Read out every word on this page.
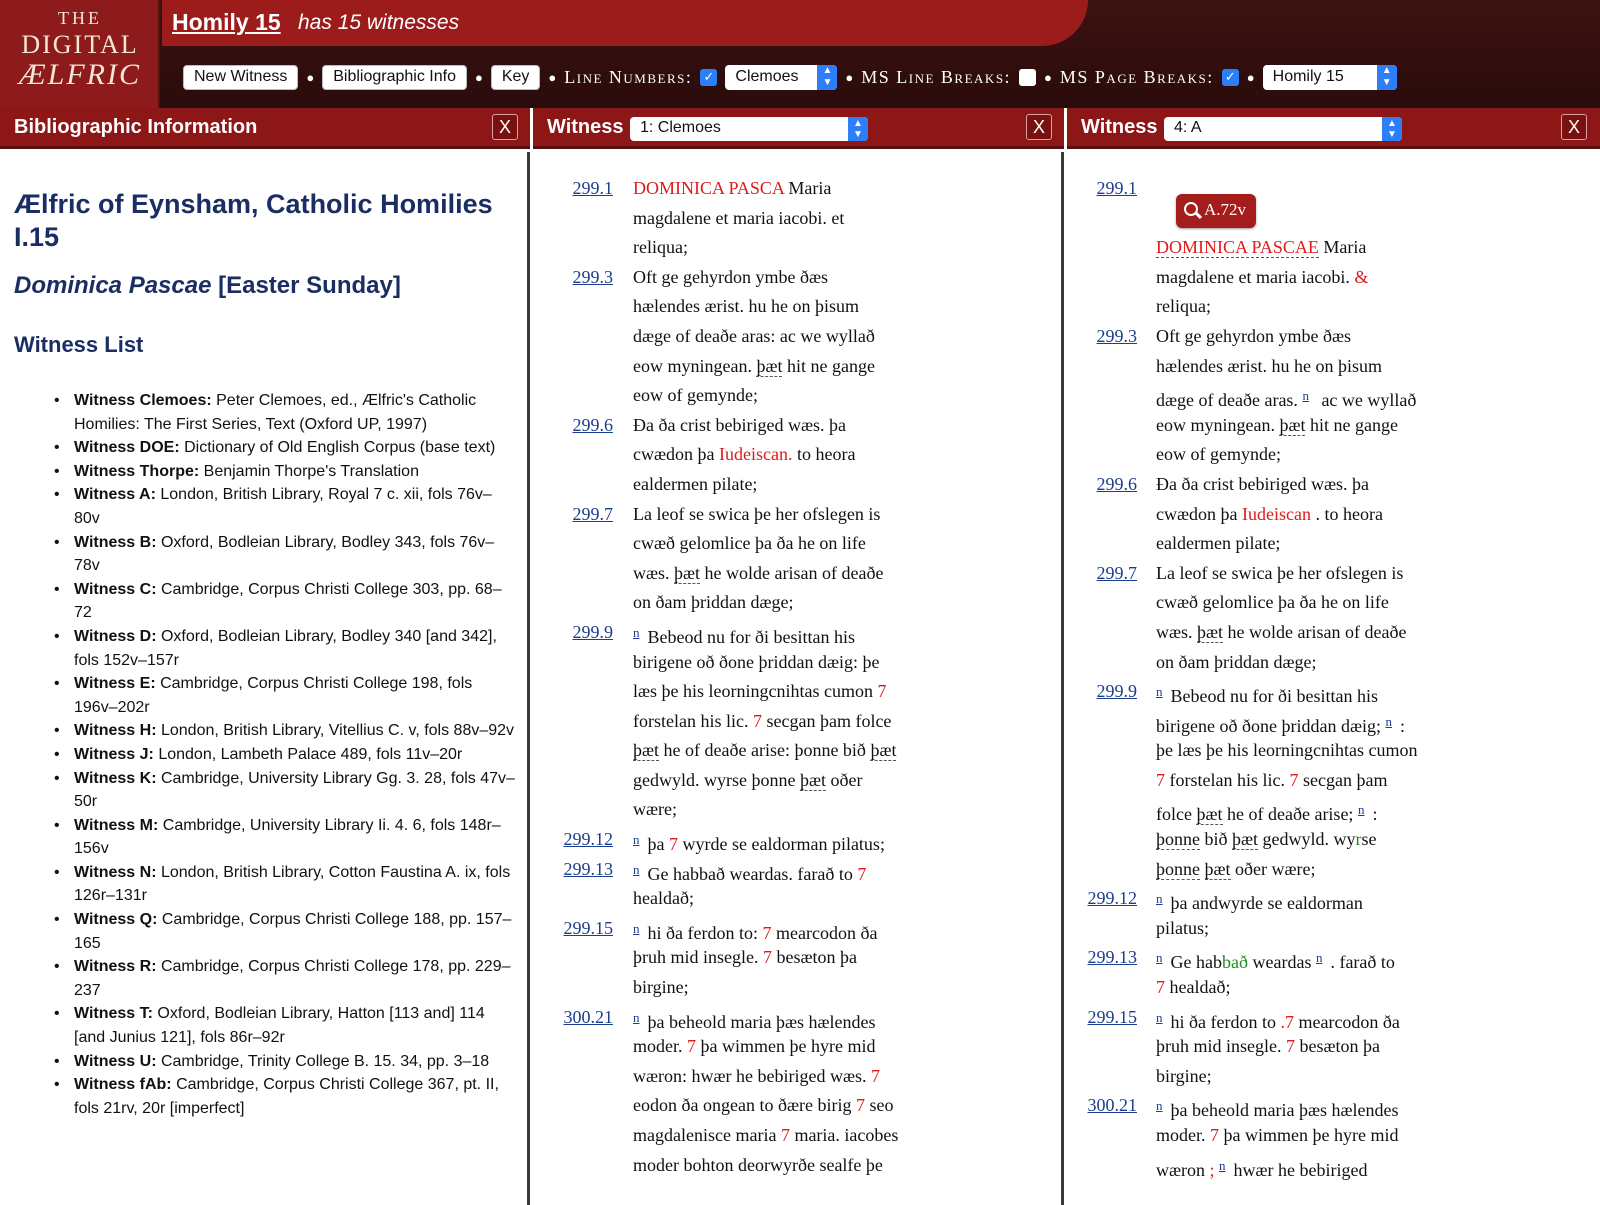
THE
DIGITAL
ÆLFRIC
Homily 15 has 15 witnesses
New Witness	●	Bibliographic Info	●	Key	● Line Numbers: ✓ Clemoes	▲
▼	● MS Line Breaks:	● MS Page Breaks: ✓ ● Homily 15	▲
▼
Bibliographic Information	X	Witness	1: Clemoes	▲
▼	X	Witness	4: A	▲
▼	X
Ælfric of Eynsham, Catholic Homilies I.15
Dominica Pascae [Easter Sunday]
Witness List
• Witness Clemoes: Peter Clemoes, ed., Ælfric's Catholic Homilies: The First Series, Text (Oxford UP, 1997)
• Witness DOE: Dictionary of Old English Corpus (base text)
• Witness Thorpe: Benjamin Thorpe's Translation
• Witness A: London, British Library, Royal 7 c. xii, fols 76v–80v
• Witness B: Oxford, Bodleian Library, Bodley 343, fols 76v–78v
• Witness C: Cambridge, Corpus Christi College 303, pp. 68–72
• Witness D: Oxford, Bodleian Library, Bodley 340 [and 342], fols 152v–157r
• Witness E: Cambridge, Corpus Christi College 198, fols 196v–202r
• Witness H: London, British Library, Vitellius C. v, fols 88v–92v
• Witness J: London, Lambeth Palace 489, fols 11v–20r
• Witness K: Cambridge, University Library Gg. 3. 28, fols 47v–50r
• Witness M: Cambridge, University Library Ii. 4. 6, fols 148r–156v
• Witness N: London, British Library, Cotton Faustina A. ix, fols 126r–131r
• Witness Q: Cambridge, Corpus Christi College 188, pp. 157–165
• Witness R: Cambridge, Corpus Christi College 178, pp. 229–237
• Witness T: Oxford, Bodleian Library, Hatton [113 and] 114 [and Junius 121], fols 86r–92r
• Witness U: Cambridge, Trinity College B. 15. 34, pp. 3–18
• Witness fAb: Cambridge, Corpus Christi College 367, pt. II, fols 21rv, 20r [imperfect]
299.1 DOMINICA PASCA Maria
magdalene et maria iacobi. et
reliqua;
299.3 Oft ge gehyrdon ymbe ðæs
hælendes ærist. hu he on þisum
dæge of deaðe aras: ac we wyllað
eow myningean. þæt hit ne gange
eow of gemynde;
299.6 Ða ða crist bebiriged wæs. þa
cwædon þa Iudeiscan. to heora
ealdermen pilate;
299.7 La leof se swica þe her ofslegen is
cwæð gelomlice þa ða he on life
wæs. þæt he wolde arisan of deaðe
on ðam þriddan dæge;
299.9 $^n$ Bebeod nu for ði besittan his
birigene oð ðone þriddan dæig: þe
læs þe his leorningcnihtas cumon 7
forstelan his lic. 7 secgan þam folce
þæt he of deaðe arise: þonne bið þæt
gedwyld. wyrse þonne þæt oðer
wære;
299.12 $^n$ þa 7 wyrde se ealdorman pilatus;
299.13 $^n$ Ge habbað weardas. farað to 7
healdað;
299.15 $^n$ hi ða ferdon to: 7 mearcodon ða
þruh mid insegle. 7 besæton þa
birgine;
300.21 $^n$ þa beheold maria þæs hælendes
moder. 7 þa wimmen þe hyre mid
wæron: hwær he bebiriged wæs. 7
eodon ða ongean to ðære birig 7 seo
magdalenisce maria 7 maria. iacobes
moder bohton deorwyrðe sealfe þe
299.1
DOMINICA PASCAE Maria
magdalene et maria iacobi. &
reliqua;
299.3 Oft ge gehyrdon ymbe ðæs
hælendes ærist. hu he on þisum
dæge of deaðe aras. $^n$ ac we wyllað
eow myningean. þæt hit ne gange
eow of gemynde;
299.6 Ða ða crist bebiriged wæs. þa
cwædon þa Iudeiscan . to heora
ealdermen pilate;
299.7 La leof se swica þe her ofslegen is
cwæð gelomlice þa ða he on life
wæs. þæt he wolde arisan of deaðe
on ðam þriddan dæge;
299.9 $^n$ Bebeod nu for ði besittan his
birigene oð ðone þriddan dæig; $^n$ :
þe læs þe his leorningcnihtas cumon
7 forstelan his lic. 7 secgan þam
folce þæt he of deaðe arise; $^n$ :
þonne bið þæt gedwyld. wyrse
þonne þæt oðer wære;
299.12 $^n$ þa andwyrde se ealdorman
pilatus;
299.13 $^n$ Ge habbað weardas $^n$ . farað to
7 healdað;
299.15 $^n$ hi ða ferdon to .7 mearcodon ða
þruh mid insegle. 7 besæton þa
birgine;
300.21 $^n$ þa beheold maria þæs hælendes
moder. 7 þa wimmen þe hyre mid
wæron ; $^n$ hwær he bebiriged
A.72v
